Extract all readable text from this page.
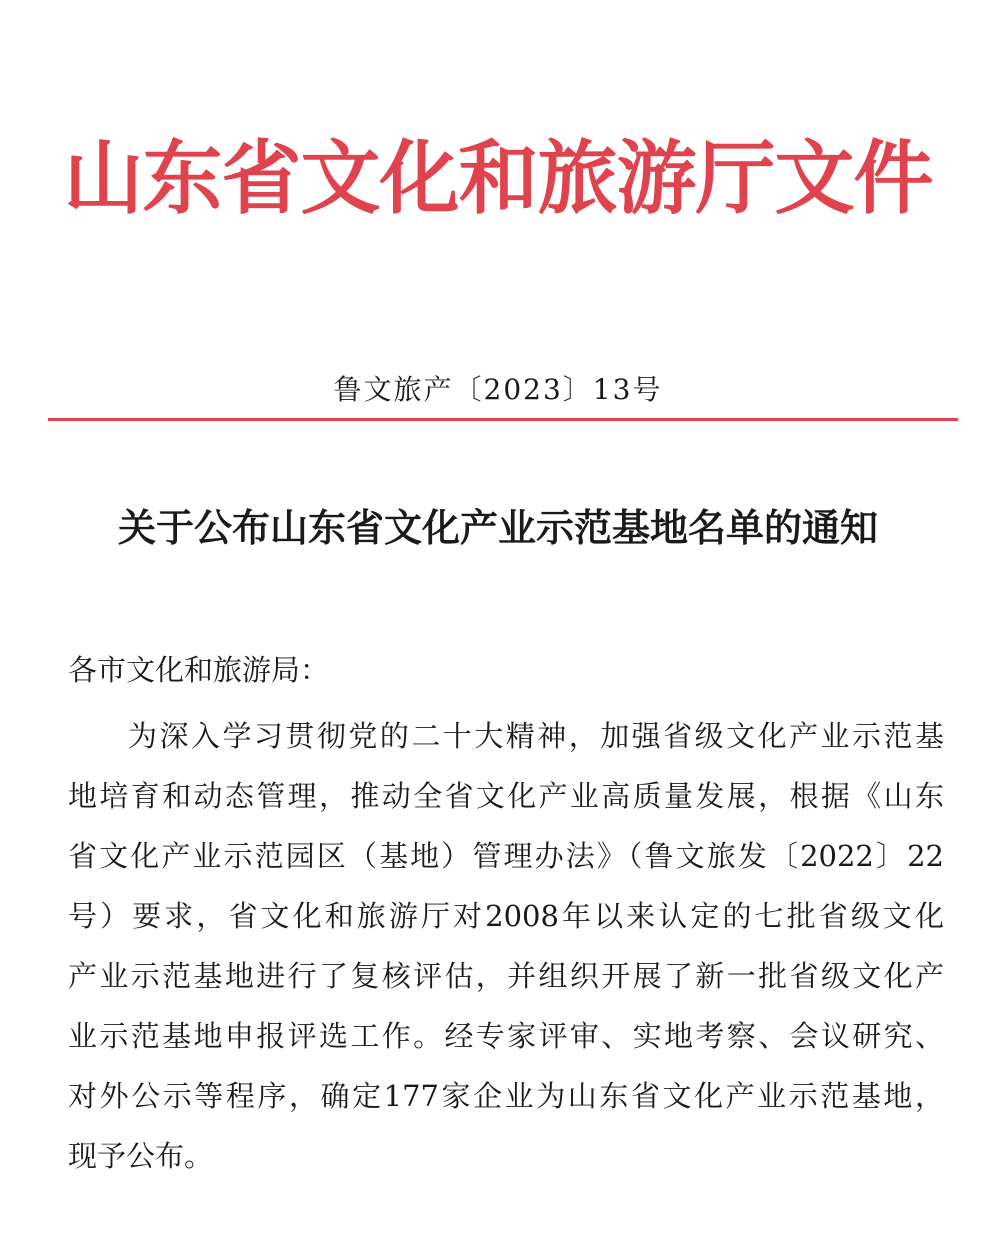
山东省文化和旅游厅文件
鲁文旅产〔2023〕13号
关于公布山东省文化产业示范基地名单的通知
各市文化和旅游局：
为深入学习贯彻党的二十大精神，加强省级文化产业示范基
地培育和动态管理，推动全省文化产业高质量发展，根据《山东
省文化产业示范园区（基地）管理办法》（鲁文旅发〔2022〕22
号）要求，省文化和旅游厅对2008年以来认定的七批省级文化
产业示范基地进行了复核评估，并组织开展了新一批省级文化产
业示范基地申报评选工作。经专家评审、实地考察、会议研究、
对外公示等程序，确定177家企业为山东省文化产业示范基地，
现予公布。
